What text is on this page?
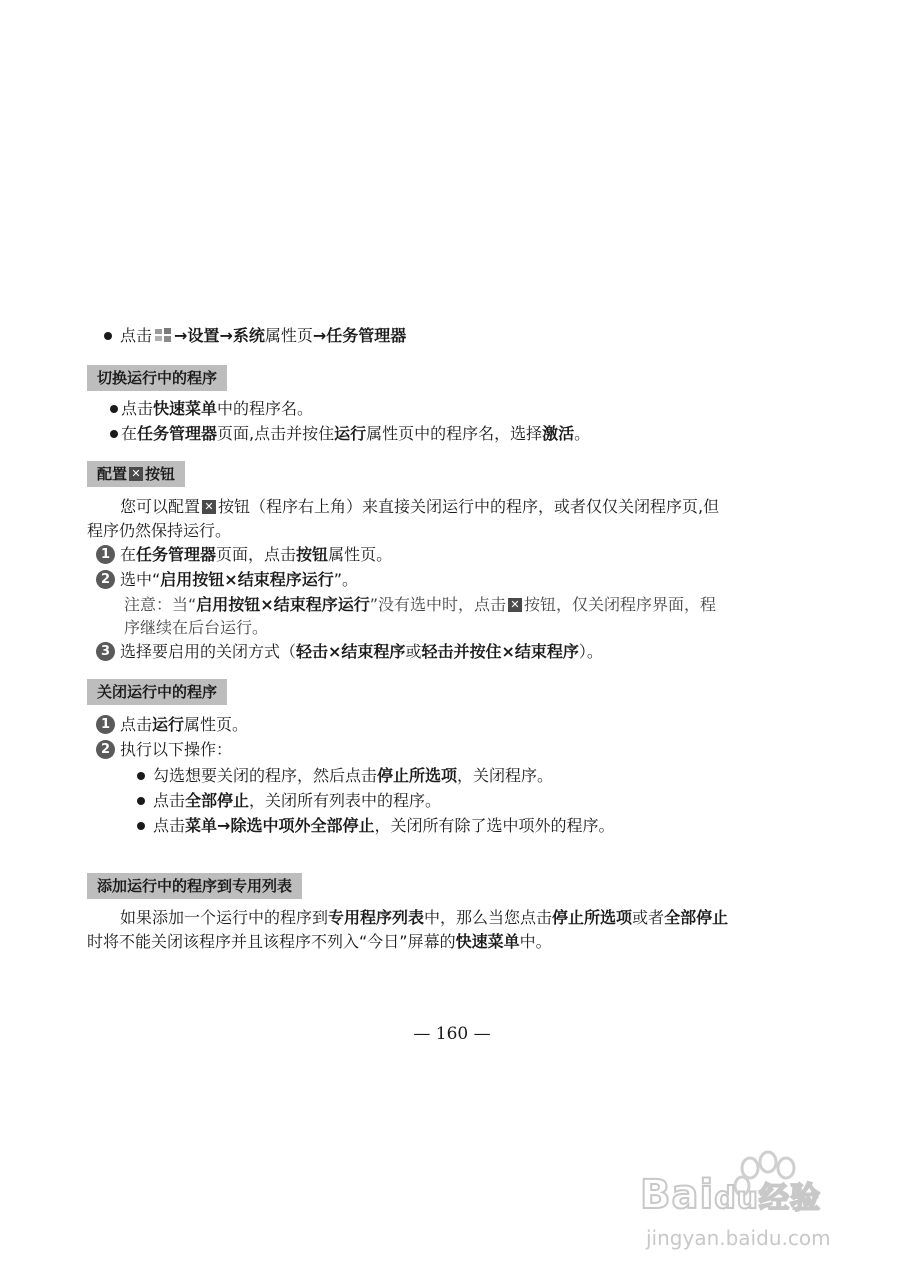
点击 →设置→系统属性页→任务管理器
切换运行中的程序
点击快速菜单中的程序名。
在任务管理器页面,点击并按住运行属性页中的程序名，选择激活。
配置 ✕ 按钮
您可以配置 ✕ 按钮（程序右上角）来直接关闭运行中的程序，或者仅仅关闭程序页,但
程序仍然保持运行。
1 在任务管理器页面，点击按钮属性页。
2 选中“启用按钮×结束程序运行”。
注意：当“启用按钮×结束程序运行”没有选中时，点击 ✕ 按钮，仅关闭程序界面，程
序继续在后台运行。
3 选择要启用的关闭方式（轻击×结束程序或轻击并按住×结束程序）。
关闭运行中的程序
1 点击运行属性页。
2 执行以下操作：
勾选想要关闭的程序，然后点击停止所选项，关闭程序。
点击全部停止，关闭所有列表中的程序。
点击菜单→除选中项外全部停止，关闭所有除了选中项外的程序。
添加运行中的程序到专用列表
如果添加一个运行中的程序到专用程序列表中，那么当您点击停止所选项或者全部停止
时将不能关闭该程序并且该程序不列入“今日”屏幕的快速菜单中。
— 160 —
Baidu经验
jingyan.baidu.com
